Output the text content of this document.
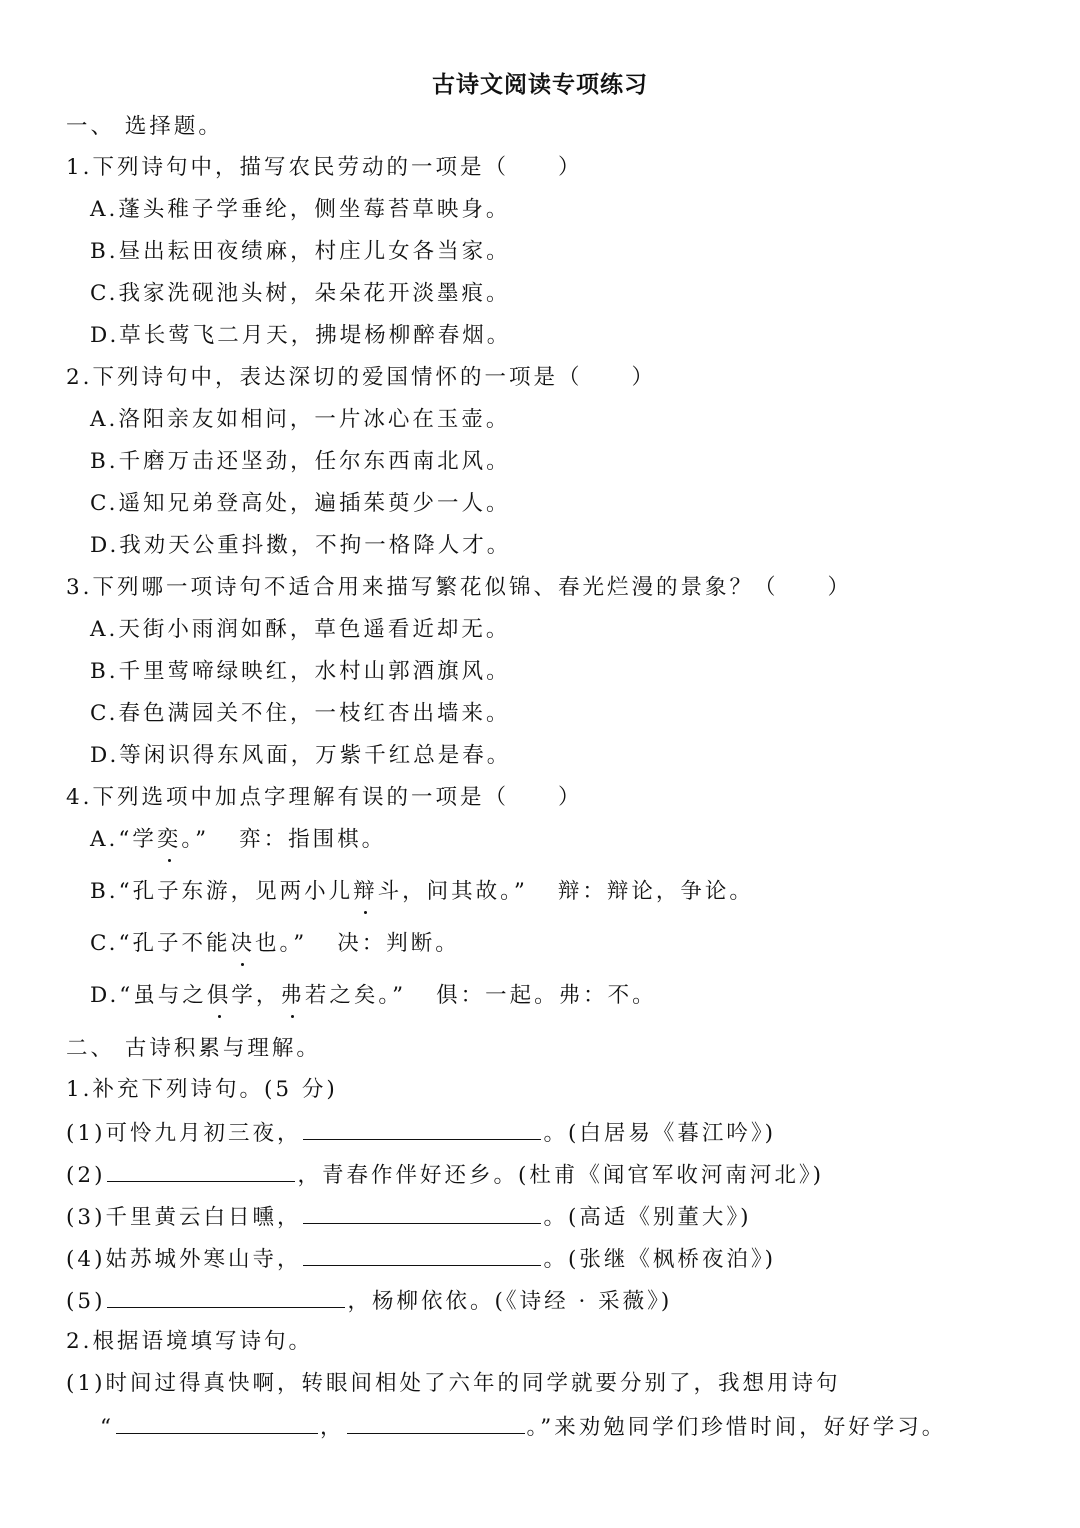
古诗文阅读专项练习
一、 选择题。
1.下列诗句中，描写农民劳动的一项是（　　）
A.蓬头稚子学垂纶，侧坐莓苔草映身。
B.昼出耘田夜绩麻，村庄儿女各当家。
C.我家洗砚池头树，朵朵花开淡墨痕。
D.草长莺飞二月天，拂堤杨柳醉春烟。
2.下列诗句中，表达深切的爱国情怀的一项是（　　）
A.洛阳亲友如相问，一片冰心在玉壶。
B.千磨万击还坚劲，任尔东西南北风。
C.遥知兄弟登高处，遍插茱萸少一人。
D.我劝天公重抖擞，不拘一格降人才。
3.下列哪一项诗句不适合用来描写繁花似锦、春光烂漫的景象？（　　）
A.天街小雨润如酥，草色遥看近却无。
B.千里莺啼绿映红，水村山郭酒旗风。
C.春色满园关不住，一枝红杏出墙来。
D.等闲识得东风面，万紫千红总是春。
4.下列选项中加点字理解有误的一项是（　　）
A.“学奕。” 弈：指围棋。
B.“孔子东游，见两小儿辩斗，问其故。” 辩：辩论，争论。
C.“孔子不能决也。” 决：判断。
D.“虽与之俱学，弗若之矣。” 俱：一起。弗：不。
二、 古诗积累与理解。
1.补充下列诗句。(5 分)
(1)可怜九月初三夜，	。(白居易《暮江吟》)
(2)	，青春作伴好还乡。(杜甫《闻官军收河南河北》)
(3)千里黄云白日曛，	。(高适《别董大》)
(4)姑苏城外寒山寺，	。(张继《枫桥夜泊》)
(5)	，杨柳依依。(《诗经 · 采薇》)
2.根据语境填写诗句。
(1)时间过得真快啊，转眼间相处了六年的同学就要分别了，我想用诗句
“	，	。”来劝勉同学们珍惜时间，好好学习。
